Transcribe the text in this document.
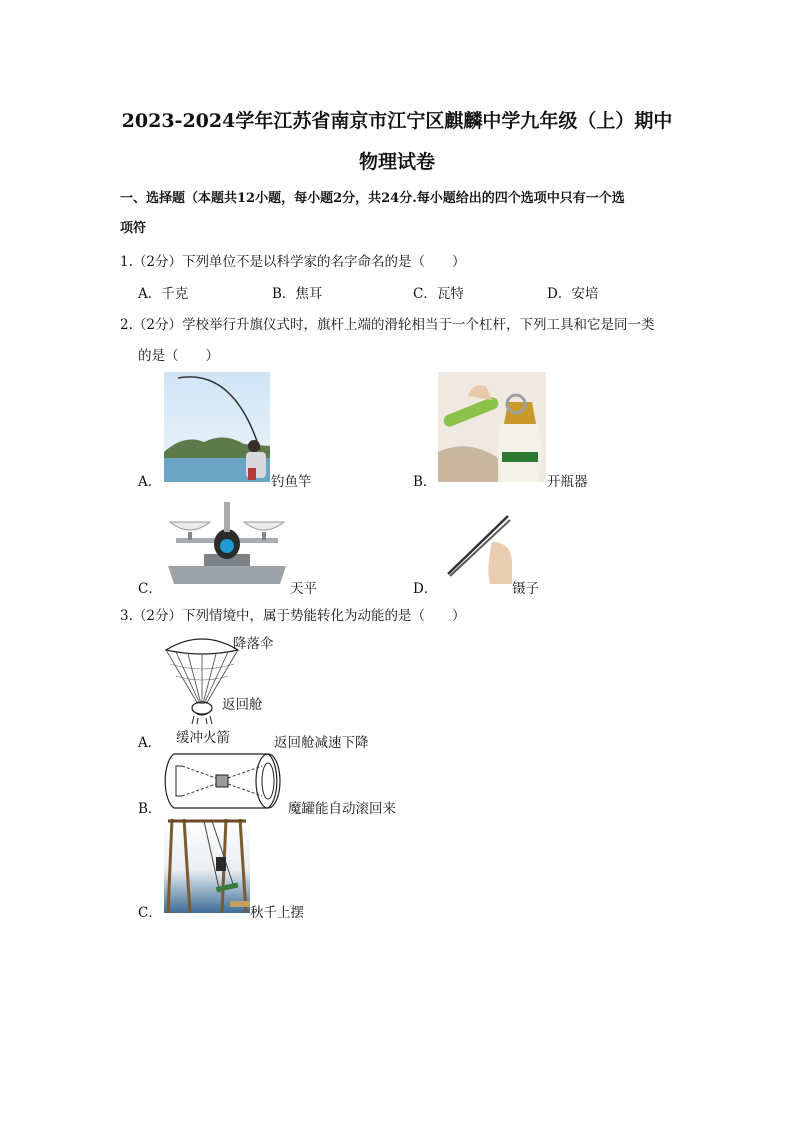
2023-2024学年江苏省南京市江宁区麒麟中学九年级（上）期中
物理试卷
一、选择题（本题共12小题，每小题2分，共24分.每小题给出的四个选项中只有一个选
项符
1.（2分）下列单位不是以科学家的名字命名的是（　　）
A．千克	B．焦耳	C．瓦特	D．安培
2.（2分）学校举行升旗仪式时，旗杆上端的滑轮相当于一个杠杆，下列工具和它是同一类
的是（　　）
A．	钓鱼竿	B．	开瓶器
C．	天平	D．	镊子
3.（2分）下列情境中，属于势能转化为动能的是（　　）
降落伞
返回舱
缓冲火箭
A．	返回舱减速下降
B．	魔罐能自动滚回来
C．	秋千上摆
